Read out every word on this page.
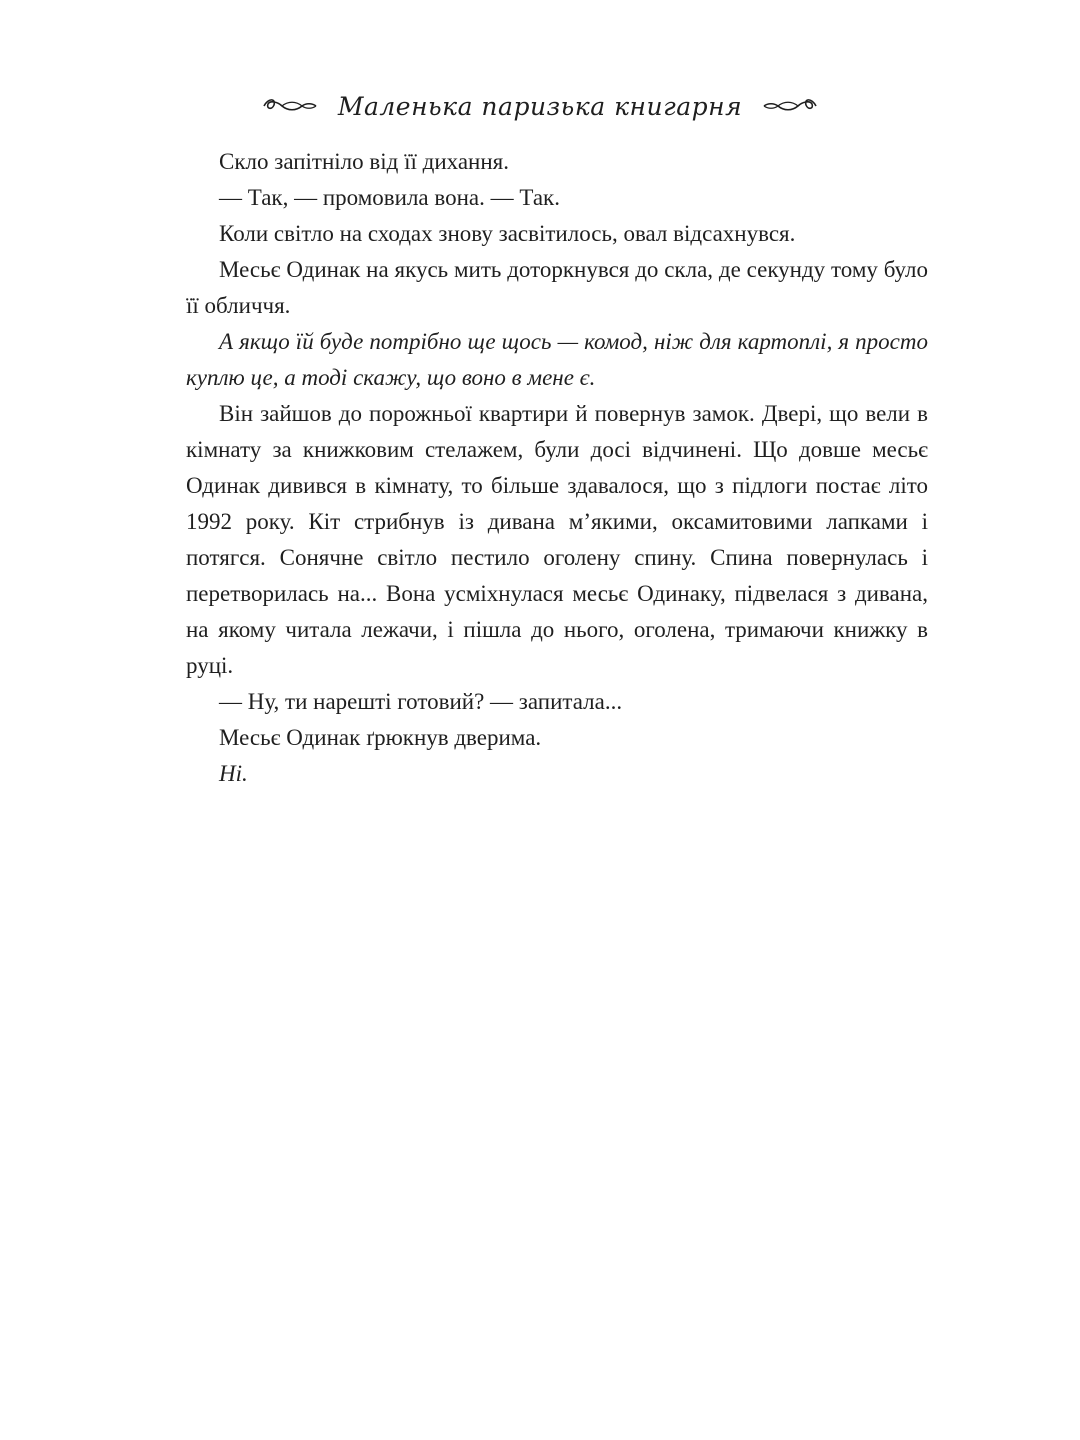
Маленька паризька книгарня

Скло запітніло від її дихання.

— Так, — промовила вона. — Так.

Коли світло на сходах знову засвітилось, овал відсахнувся.

Месьє Одинак на якусь мить доторкнувся до скла, де секунду тому було її обличчя.

А якщо їй буде потрібно ще щось — комод, ніж для картоплі, я просто куплю це, а тоді скажу, що воно в мене є.

Він зайшов до порожньої квартири й повернув замок. Двері, що вели в кімнату за книжковим стелажем, були досі відчинені. Що довше месьє Одинак дивився в кімнату, то більше здавалося, що з підлоги постає літо 1992 року. Кіт стрибнув із дивана м’якими, оксамитовими лапками і потягся. Сонячне світло пестило оголену спину. Спина повернулась і перетворилась на... Вона усміхнулася месьє Одинаку, підвелася з дивана, на якому читала лежачи, і пішла до нього, оголена, тримаючи книжку в руці.

— Ну, ти нарешті готовий? — запитала...

Месьє Одинак ґрюкнув дверима.

Ні.
